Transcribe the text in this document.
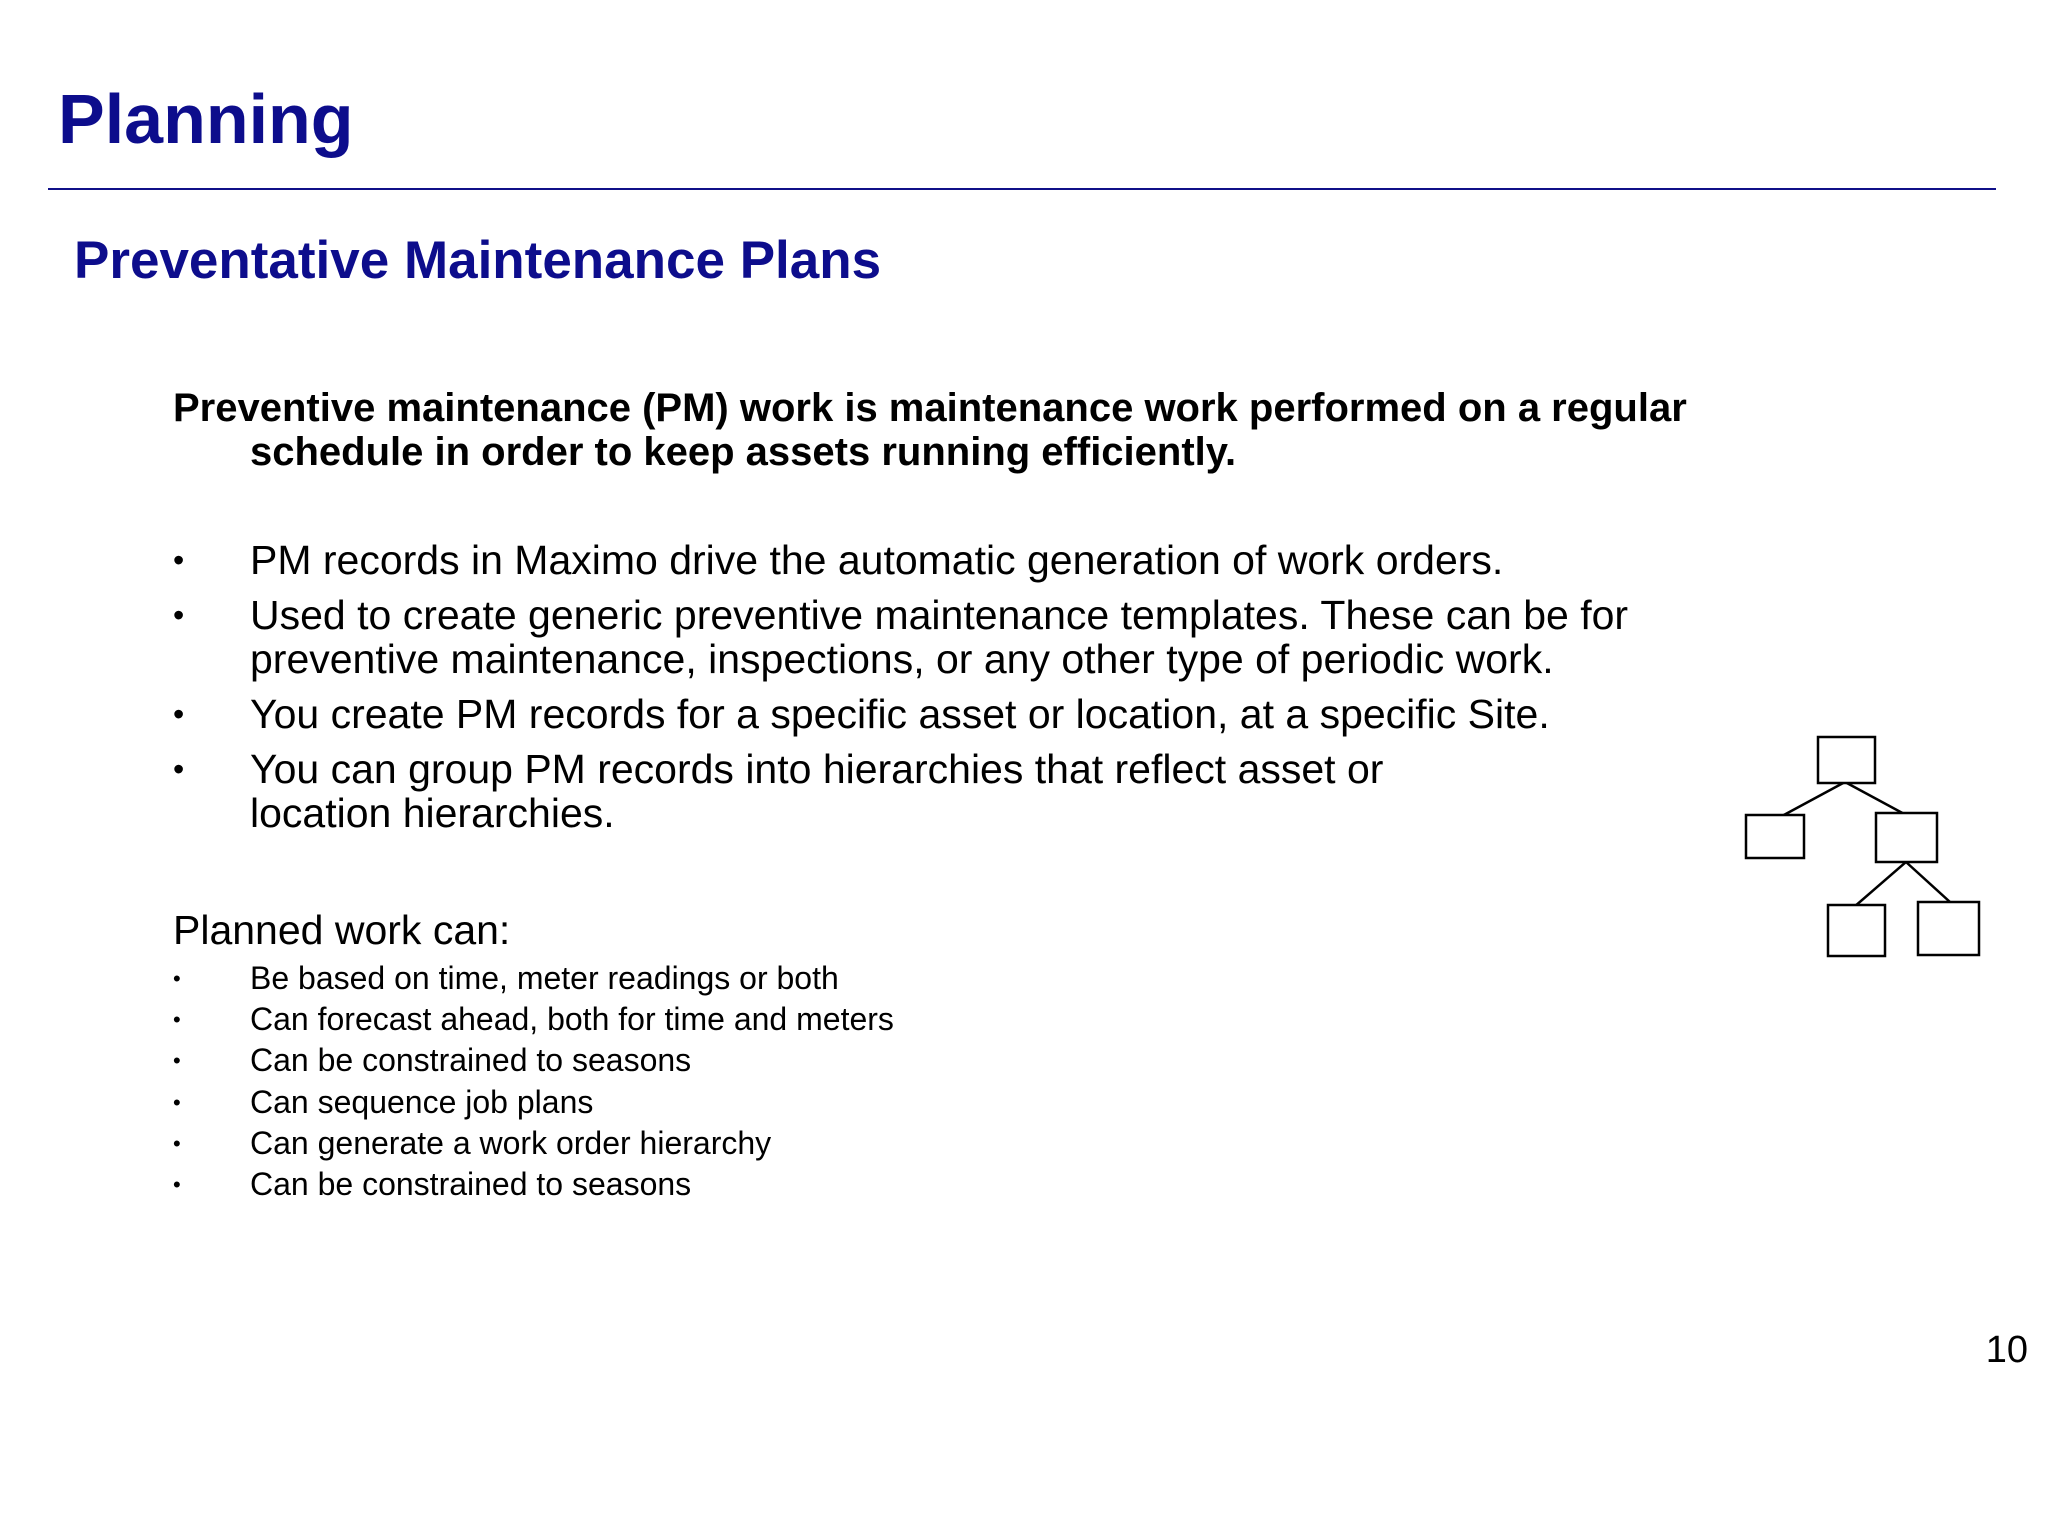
Planning
Preventative Maintenance Plans

Preventive maintenance (PM) work is maintenance work performed on a regular schedule in order to keep assets running efficiently.

• PM records in Maximo drive the automatic generation of work orders.
• Used to create generic preventive maintenance templates. These can be for preventive maintenance, inspections, or any other type of periodic work.
• You create PM records for a specific asset or location, at a specific Site.
• You can group PM records into hierarchies that reflect asset or location hierarchies.

Planned work can:

• Be based on time, meter readings or both
• Can forecast ahead, both for time and meters
• Can be constrained to seasons
• Can sequence job plans
• Can generate a work order hierarchy
• Can be constrained to seasons
10
